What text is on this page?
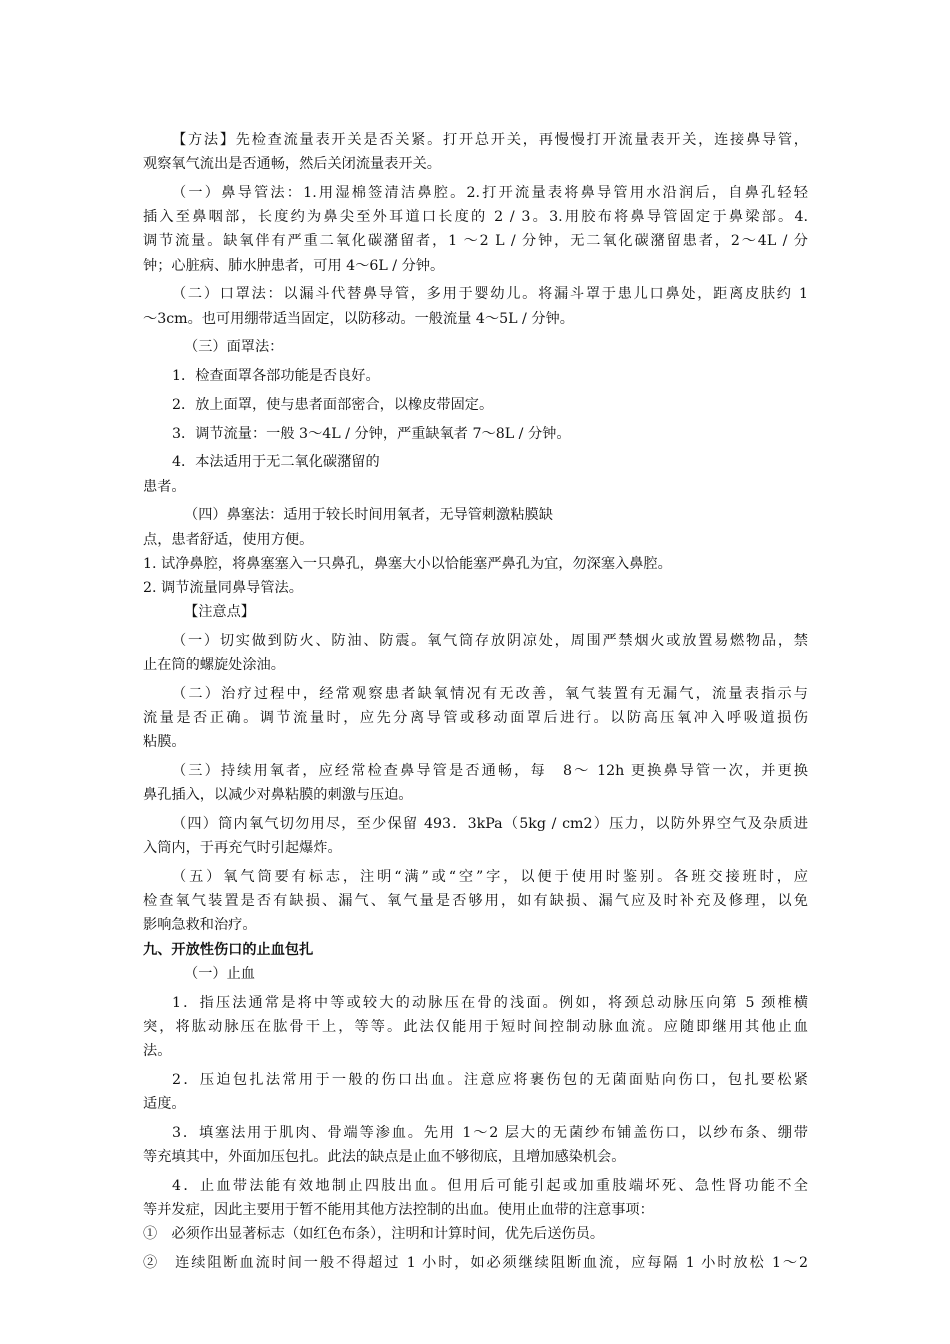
【方法】先检查流量表开关是否关紧。打开总开关，再慢慢打开流量表开关，连接鼻导管，

观察氧气流出是否通畅，然后关闭流量表开关。

（一）鼻导管法：1.用湿棉签清洁鼻腔。2.打开流量表将鼻导管用水沿润后，自鼻孔轻轻

插入至鼻咽部，长度约为鼻尖至外耳道口长度的 2 / 3。3.用胶布将鼻导管固定于鼻梁部。4.

调节流量。缺氧伴有严重二氧化碳潴留者，1 ～2 L / 分钟，无二氧化碳潴留患者，2～4L / 分

钟；心脏病、肺水肿患者，可用 4～6L / 分钟。

（二）口罩法：以漏斗代替鼻导管，多用于婴幼儿。将漏斗罩于患儿口鼻处，距离皮肤约 1

～3cm。也可用绷带适当固定，以防移动。一般流量 4～5L / 分钟。

（三）面罩法：

1．检查面罩各部功能是否良好。

2．放上面罩，使与患者面部密合，以橡皮带固定。

3．调节流量：一般 3～4L / 分钟，严重缺氧者 7～8L / 分钟。

4．本法适用于无二氧化碳潴留的

患者。

（四）鼻塞法：适用于较长时间用氧者，无导管刺激粘膜缺

点，患者舒适，使用方便。

1. 试净鼻腔，将鼻塞塞入一只鼻孔，鼻塞大小以恰能塞严鼻孔为宜，勿深塞入鼻腔。

2. 调节流量同鼻导管法。

【注意点】

（一）切实做到防火、防油、防震。氧气筒存放阴凉处，周围严禁烟火或放置易燃物品，禁

止在筒的螺旋处涂油。

（二）治疗过程中，经常观察患者缺氧情况有无改善，氧气装置有无漏气，流量表指示与

流量是否正确。调节流量时，应先分离导管或移动面罩后进行。以防高压氧冲入呼吸道损伤

粘膜。

（三）持续用氧者，应经常检查鼻导管是否通畅，每　8～ 12h 更换鼻导管一次，并更换

鼻孔插入，以减少对鼻粘膜的刺激与压迫。

（四）筒内氧气切勿用尽，至少保留 493．3kPa（5kg / cm2）压力，以防外界空气及杂质进

入筒内，于再充气时引起爆炸。

（五）氧气筒要有标志，注明“满”或“空”字，以便于使用时鉴别。各班交接班时，应

检查氧气装置是否有缺损、漏气、氧气量是否够用，如有缺损、漏气应及时补充及修理，以免

影响急救和治疗。

九、开放性伤口的止血包扎

（一）止血

1．指压法通常是将中等或较大的动脉压在骨的浅面。例如，将颈总动脉压向第 5 颈椎横

突，将肱动脉压在肱骨干上，等等。此法仅能用于短时间控制动脉血流。应随即继用其他止血

法。

2．压迫包扎法常用于一般的伤口出血。注意应将裹伤包的无菌面贴向伤口，包扎要松紧

适度。

3．填塞法用于肌肉、骨端等渗血。先用 1～2 层大的无菌纱布铺盖伤口，以纱布条、绷带

等充填其中，外面加压包扎。此法的缺点是止血不够彻底，且增加感染机会。

4．止血带法能有效地制止四肢出血。但用后可能引起或加重肢端坏死、急性肾功能不全

等并发症，因此主要用于暂不能用其他方法控制的出血。使用止血带的注意事项：

①　必须作出显著标志（如红色布条），注明和计算时间，优先后送伤员。

②　连续阻断血流时间一般不得超过 1 小时，如必须继续阻断血流，应每隔 1 小时放松 1～2
